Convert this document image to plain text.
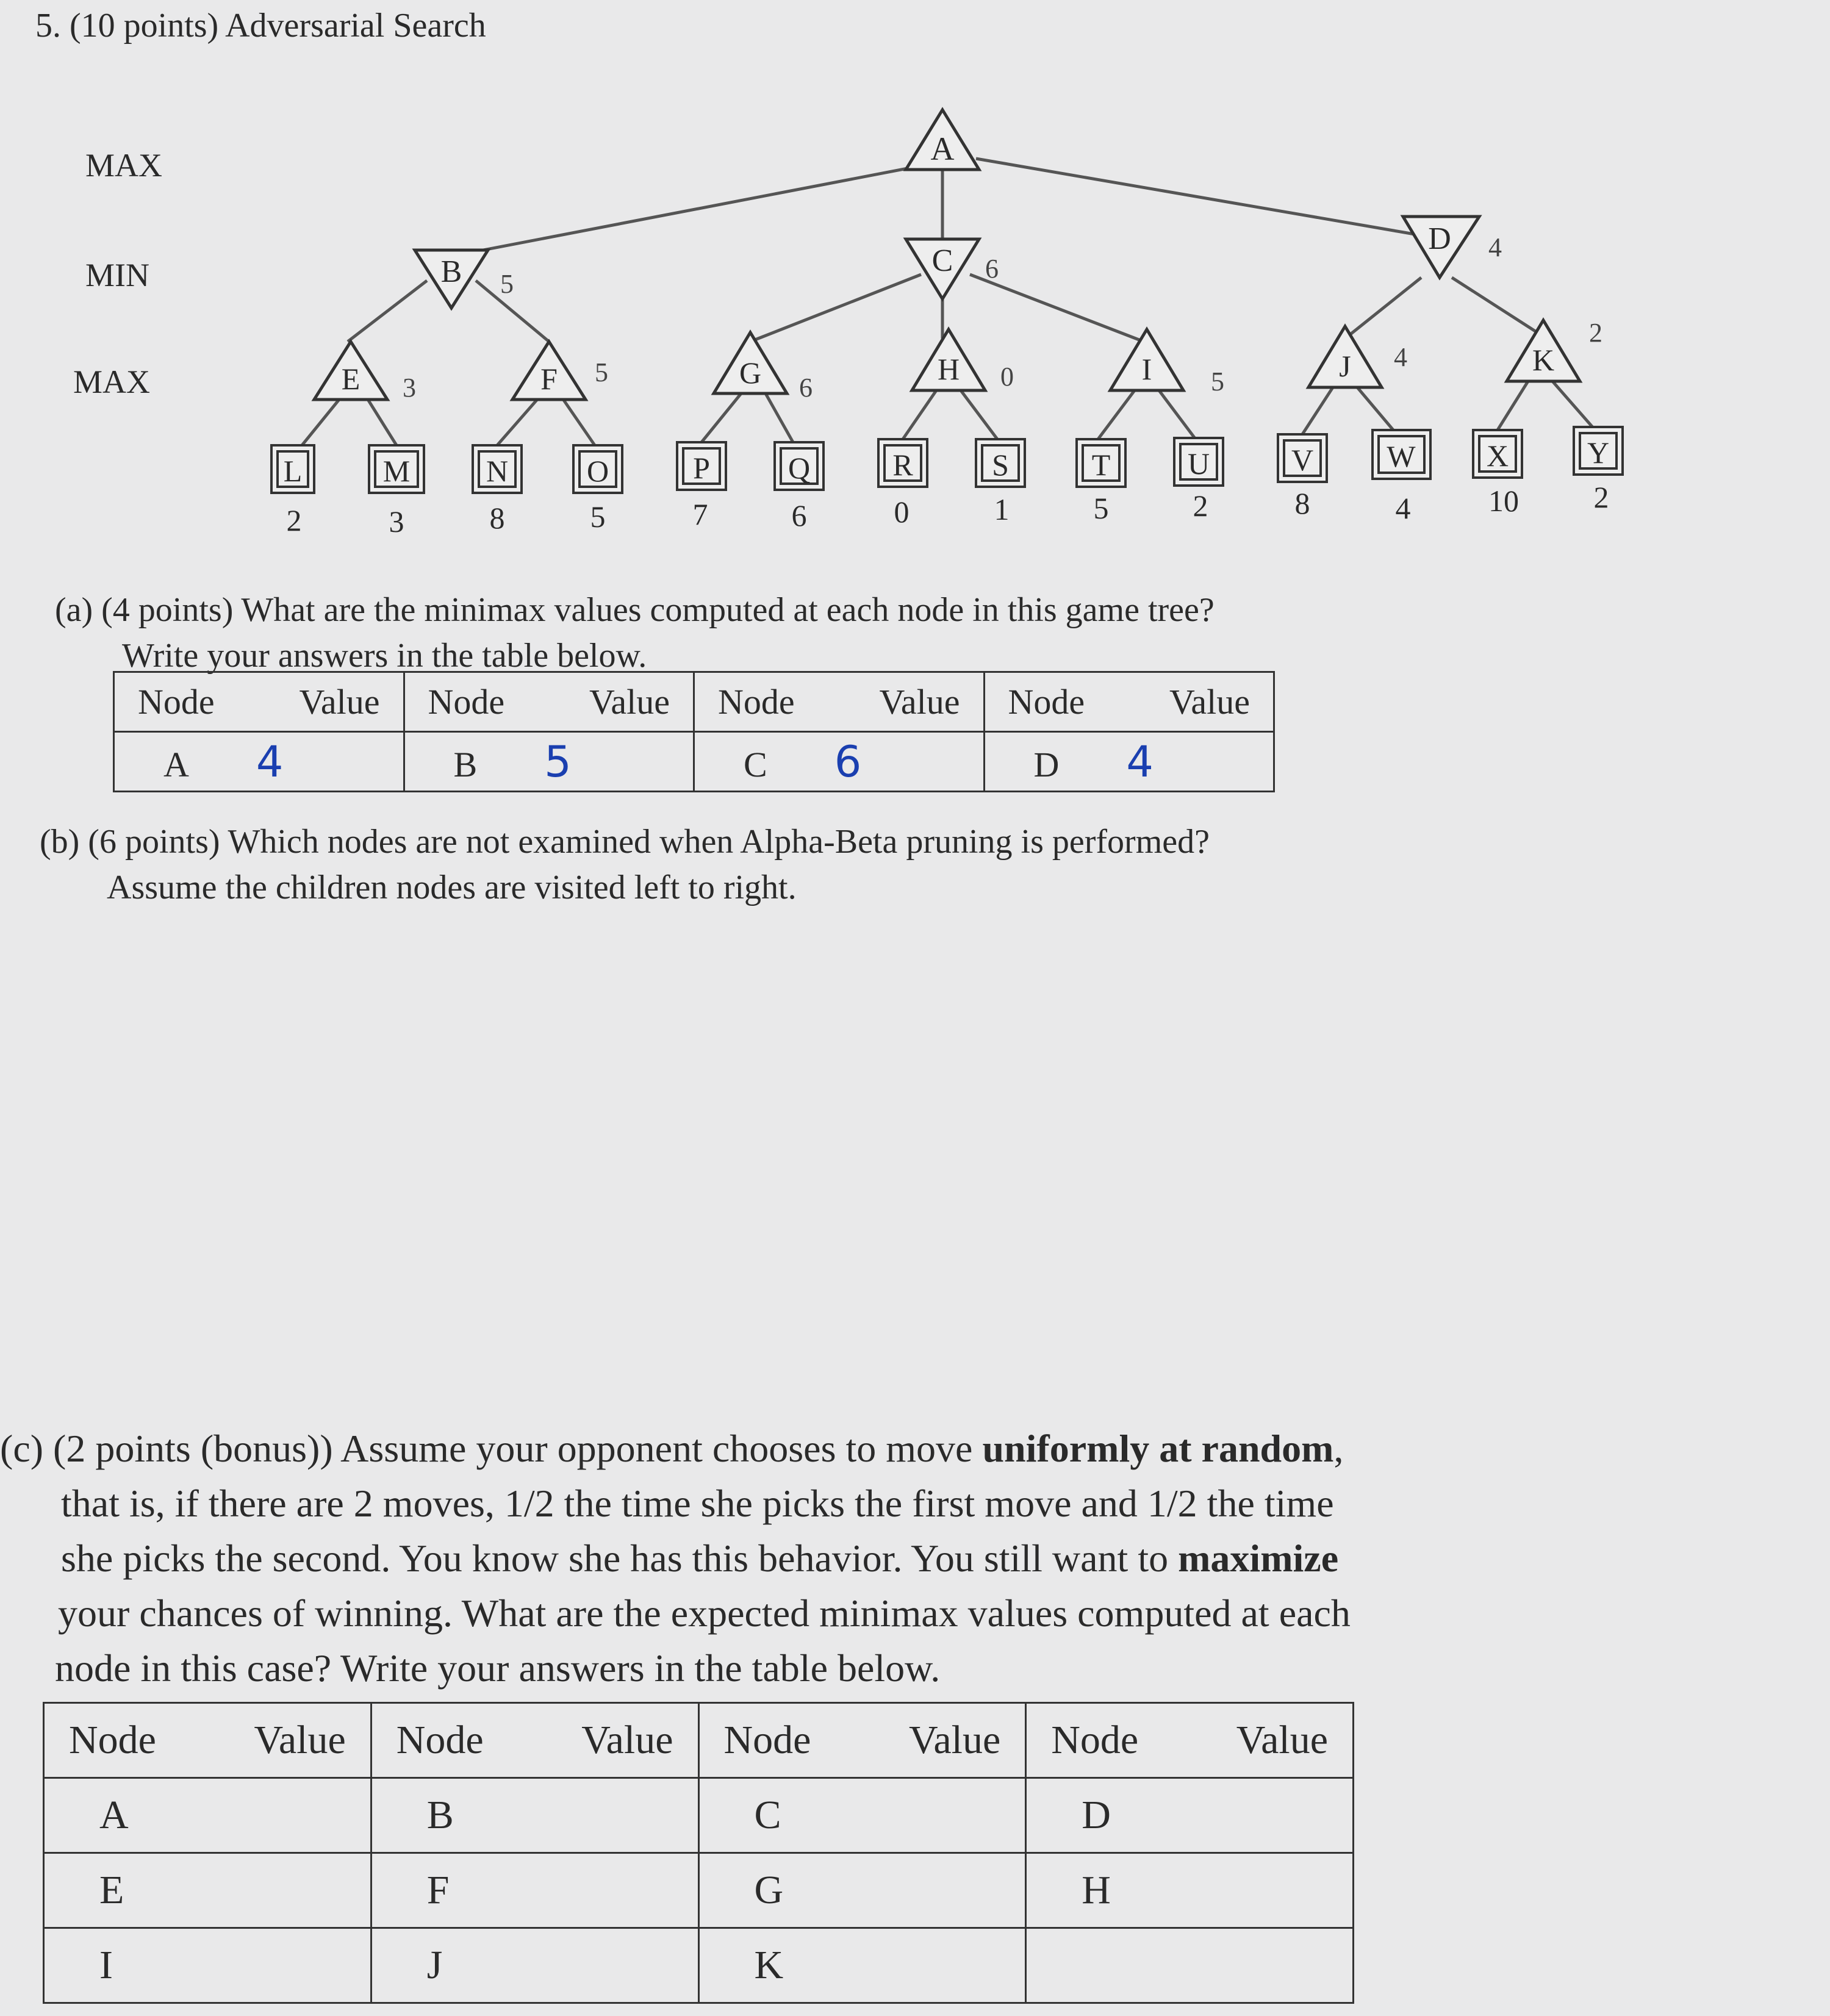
5. (10 points) Adversarial Search
MAX
MIN
MAX
A
B	C
D
E	F	G	H	I	J	K
5
6
4
3
5
6	0	5
4
2
L	M N	O	P	Q	R	S	T	U	V W X	Y
2	3	8	5	7	6	0	1	5	2	8	4	10 2
(a) (4 points) What are the minimax values computed at each node in this game tree?
Write your answers in the table below.
Node Value	Node Value	Node Value	Node Value

A 4	B 5	C 6	D 4
(b) (6 points) Which nodes are not examined when Alpha-Beta pruning is performed?
Assume the children nodes are visited left to right.
(c) (2 points (bonus)) Assume your opponent chooses to move uniformly at random,
that is, if there are 2 moves, 1/2 the time she picks the first move and 1/2 the time
she picks the second. You know she has this behavior. You still want to maximize
your chances of winning. What are the expected minimax values computed at each
node in this case? Write your answers in the table below.
Node Value	Node Value	Node Value	Node Value

A	B	C	D
E	F	G	H
I	J	K	
